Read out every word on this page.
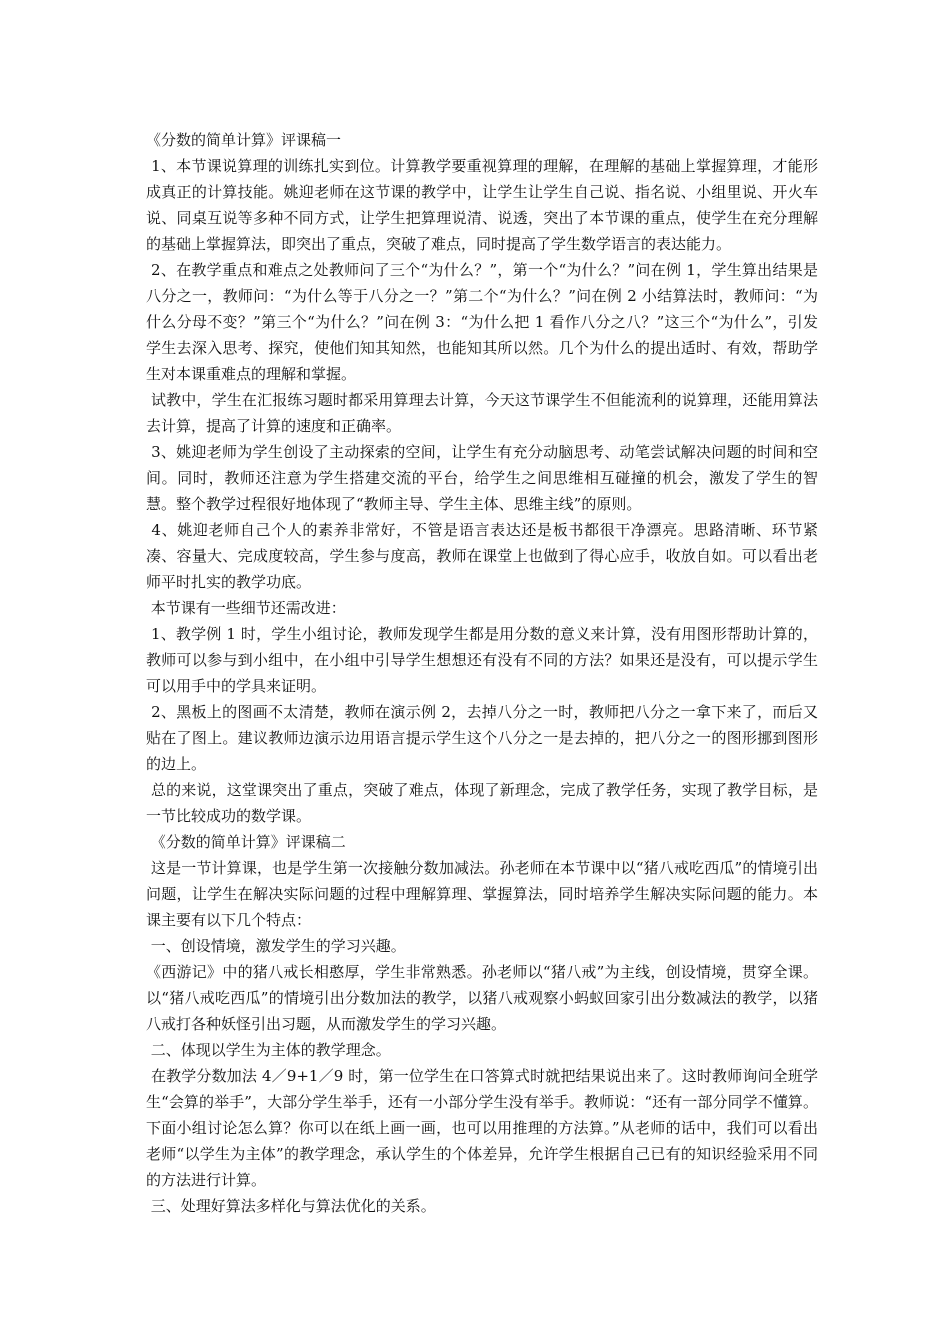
《分数的简单计算》评课稿一

1、本节课说算理的训练扎实到位。计算教学要重视算理的理解，在理解的基础上掌握算理，才能形成真正的计算技能。姚迎老师在这节课的教学中，让学生让学生自己说、指名说、小组里说、开火车说、同桌互说等多种不同方式，让学生把算理说清、说透，突出了本节课的重点，使学生在充分理解的基础上掌握算法，即突出了重点，突破了难点，同时提高了学生数学语言的表达能力。

2、在教学重点和难点之处教师问了三个“为什么？”，第一个“为什么？”问在例 1，学生算出结果是八分之一，教师问：“为什么等于八分之一？”第二个“为什么？”问在例 2 小结算法时，教师问：“为什么分母不变？”第三个“为什么？”问在例 3：“为什么把 1 看作八分之八？”这三个“为什么”，引发学生去深入思考、探究，使他们知其知然，也能知其所以然。几个为什么的提出适时、有效，帮助学生对本课重难点的理解和掌握。

试教中，学生在汇报练习题时都采用算理去计算，今天这节课学生不但能流利的说算理，还能用算法去计算，提高了计算的速度和正确率。

3、姚迎老师为学生创设了主动探索的空间，让学生有充分动脑思考、动笔尝试解决问题的时间和空间。同时，教师还注意为学生搭建交流的平台，给学生之间思维相互碰撞的机会，激发了学生的智慧。整个教学过程很好地体现了“教师主导、学生主体、思维主线”的原则。

4、姚迎老师自己个人的素养非常好，不管是语言表达还是板书都很干净漂亮。思路清晰、环节紧凑、容量大、完成度较高，学生参与度高，教师在课堂上也做到了得心应手，收放自如。可以看出老师平时扎实的教学功底。

本节课有一些细节还需改进：

1、教学例 1 时，学生小组讨论，教师发现学生都是用分数的意义来计算，没有用图形帮助计算的，教师可以参与到小组中，在小组中引导学生想想还有没有不同的方法？如果还是没有，可以提示学生可以用手中的学具来证明。

2、黑板上的图画不太清楚，教师在演示例 2，去掉八分之一时，教师把八分之一拿下来了，而后又贴在了图上。建议教师边演示边用语言提示学生这个八分之一是去掉的，把八分之一的图形挪到图形的边上。

总的来说，这堂课突出了重点，突破了难点，体现了新理念，完成了教学任务，实现了教学目标，是一节比较成功的数学课。

《分数的简单计算》评课稿二

这是一节计算课，也是学生第一次接触分数加减法。孙老师在本节课中以“猪八戒吃西瓜”的情境引出问题，让学生在解决实际问题的过程中理解算理、掌握算法，同时培养学生解决实际问题的能力。本课主要有以下几个特点：

一、创设情境，激发学生的学习兴趣。

《西游记》中的猪八戒长相憨厚，学生非常熟悉。孙老师以“猪八戒”为主线，创设情境，贯穿全课。以“猪八戒吃西瓜”的情境引出分数加法的教学，以猪八戒观察小蚂蚁回家引出分数减法的教学，以猪八戒打各种妖怪引出习题，从而激发学生的学习兴趣。

二、体现以学生为主体的教学理念。

在教学分数加法 4／9+1／9 时，第一位学生在口答算式时就把结果说出来了。这时教师询问全班学生“会算的举手”，大部分学生举手，还有一小部分学生没有举手。教师说：“还有一部分同学不懂算。下面小组讨论怎么算？你可以在纸上画一画，也可以用推理的方法算。”从老师的话中，我们可以看出老师“以学生为主体”的教学理念，承认学生的个体差异，允许学生根据自己已有的知识经验采用不同的方法进行计算。

三、处理好算法多样化与算法优化的关系。
